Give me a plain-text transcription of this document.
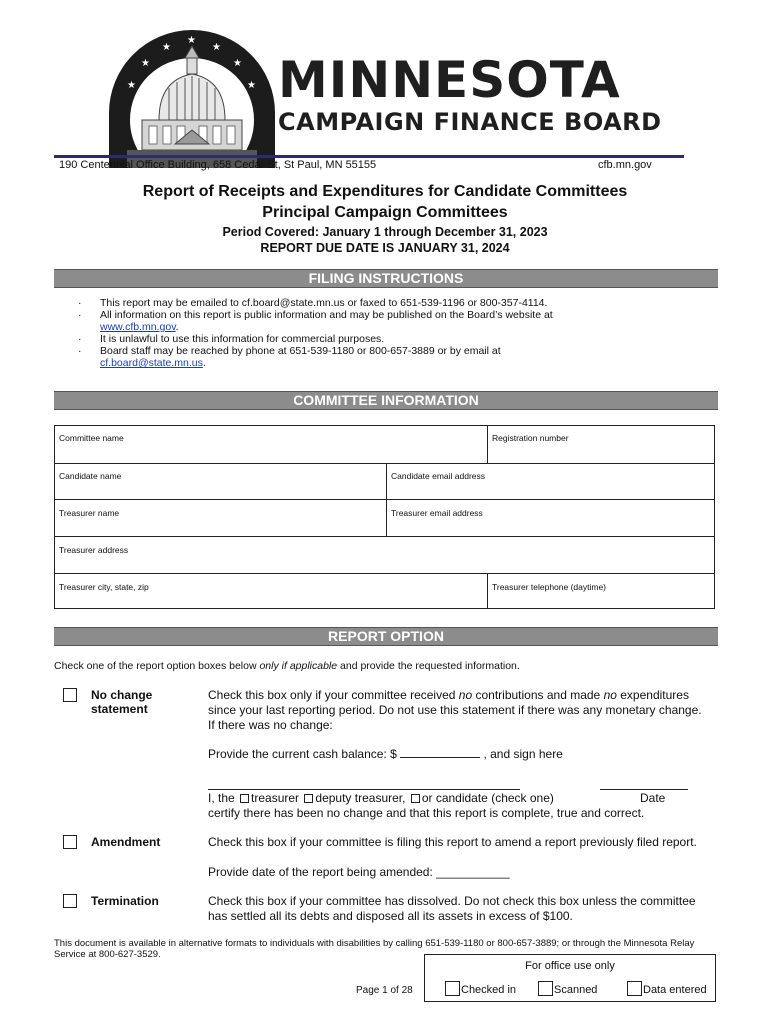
★
★	★
★	★
★	★ MINNESOTA
CAMPAIGN FINANCE BOARD
190 Centennial Office Building, 658 Cedar St, St Paul, MN 55155	cfb.mn.gov
Report of Receipts and Expenditures for Candidate Committees
Principal Campaign Committees
Period Covered: January 1 through December 31, 2023
REPORT DUE DATE IS JANUARY 31, 2024
FILING INSTRUCTIONS
· This report may be emailed to cf.board@state.mn.us or faxed to 651-539-1196 or 800-357-4114.
· All information on this report is public information and may be published on the Board’s website at www.cfb.mn.gov.
· It is unlawful to use this information for commercial purposes.
· Board staff may be reached by phone at 651-539-1180 or 800-657-3889 or by email at cf.board@state.mn.us.
COMMITTEE INFORMATION
Committee name	Registration number
Candidate name	Candidate email address
Treasurer name	Treasurer email address
Treasurer address
Treasurer city, state, zip	Treasurer telephone (daytime)
REPORT OPTION
Check one of the report option boxes below only if applicable and provide the requested information.
No change
statement
Check this box only if your committee received no contributions and made no expenditures since your last reporting period. Do not use this statement if there was any monetary change. If there was no change:
Provide the current cash balance: $	, and sign here
I, the treasurer deputy treasurer, or candidate (check one)	Date
certify there has been no change and that this report is complete, true and correct.
Amendment	Check this box if your committee is filing this report to amend a report previously filed report.
Provide date of the report being amended: ___________
Termination	Check this box if your committee has dissolved. Do not check this box unless the committee has settled all its debts and disposed all its assets in excess of $100.
This document is available in alternative formats to individuals with disabilities by calling 651-539-1180 or 800-657-3889; or through the Minnesota Relay Service at 800-627-3529.
Page 1 of 28
For office use only
Checked in	Scanned	Data entered
